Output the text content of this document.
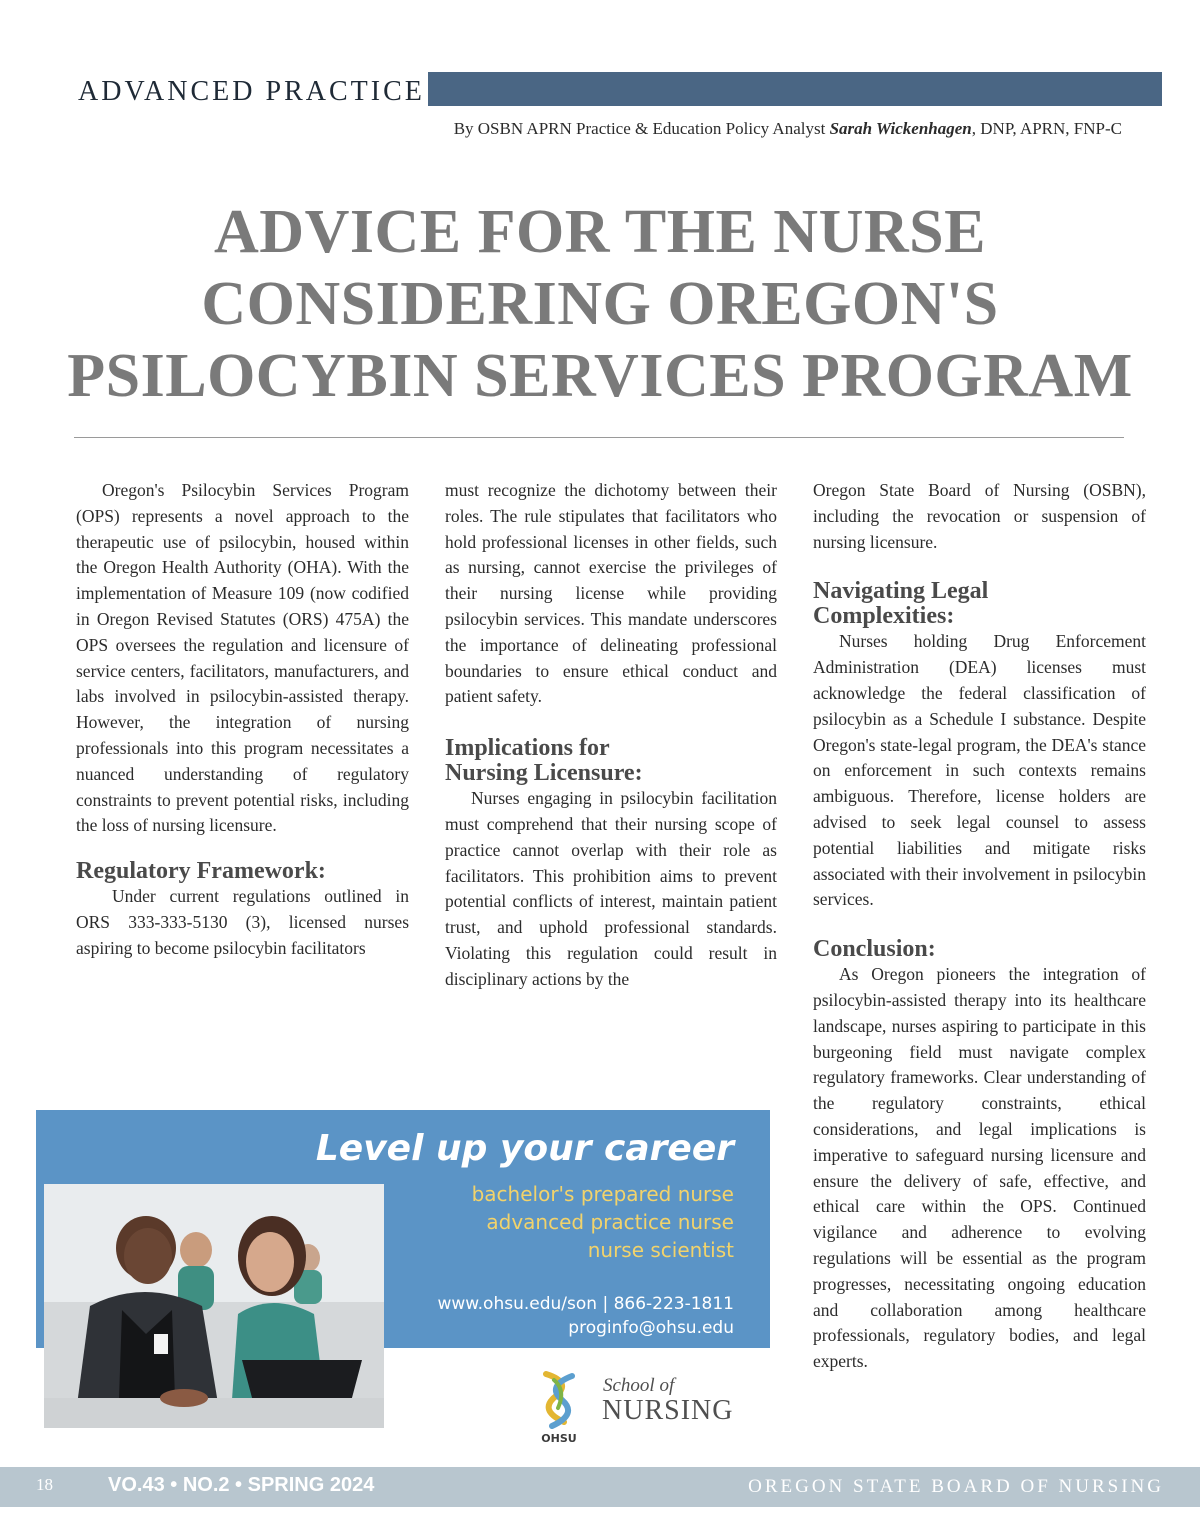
ADVANCED PRACTICE
By OSBN APRN Practice & Education Policy Analyst Sarah Wickenhagen, DNP, APRN, FNP-C
ADVICE FOR THE NURSE
CONSIDERING OREGON'S
PSILOCYBIN SERVICES PROGRAM

Oregon's Psilocybin Services Program (OPS) represents a novel approach to the therapeutic use of psilocybin, housed within the Oregon Health Authority (OHA). With the implementation of Measure 109 (now codified in Oregon Revised Statutes (ORS) 475A) the OPS oversees the regulation and licensure of service centers, facilitators, manufacturers, and labs involved in psilocybin-assisted therapy. However, the integration of nursing professionals into this program necessitates a nuanced understanding of regulatory constraints to prevent potential risks, including the loss of nursing licensure.

Regulatory Framework:

Under current regulations outlined in ORS 333-333-5130 (3), licensed nurses aspiring to become psilocybin facilitators

must recognize the dichotomy between their roles. The rule stipulates that facilitators who hold professional licenses in other fields, such as nursing, cannot exercise the privileges of their nursing license while providing psilocybin services. This mandate underscores the importance of delineating professional boundaries to ensure ethical conduct and patient safety.

Implications for
Nursing Licensure:

Nurses engaging in psilocybin facilitation must comprehend that their nursing scope of practice cannot overlap with their role as facilitators. This prohibition aims to prevent potential conflicts of interest, maintain patient trust, and uphold professional standards. Violating this regulation could result in disciplinary actions by the

Oregon State Board of Nursing (OSBN), including the revocation or suspension of nursing licensure.

Navigating Legal
Complexities:

Nurses holding Drug Enforcement Administration (DEA) licenses must acknowledge the federal classification of psilocybin as a Schedule I substance. Despite Oregon's state-legal program, the DEA's stance on enforcement in such contexts remains ambiguous. Therefore, license holders are advised to seek legal counsel to assess potential liabilities and mitigate risks associated with their involvement in psilocybin services.

Conclusion:

As Oregon pioneers the integration of psilocybin-assisted therapy into its healthcare landscape, nurses aspiring to participate in this burgeoning field must navigate complex regulatory frameworks. Clear understanding of the regulatory constraints, ethical considerations, and legal implications is imperative to safeguard nursing licensure and ensure the delivery of safe, effective, and ethical care within the OPS. Continued vigilance and adherence to evolving regulations will be essential as the program progresses, necessitating ongoing education and collaboration among healthcare professionals, regulatory bodies, and legal experts.

Level up your career
bachelor's prepared nurse
advanced practice nurse
nurse scientist
www.ohsu.edu/son | 866-223-1811
proginfo@ohsu.edu
OHSU
School of
NURSING
18	VO.43 • NO.2 • SPRING 2024	OREGON STATE BOARD OF NURSING
